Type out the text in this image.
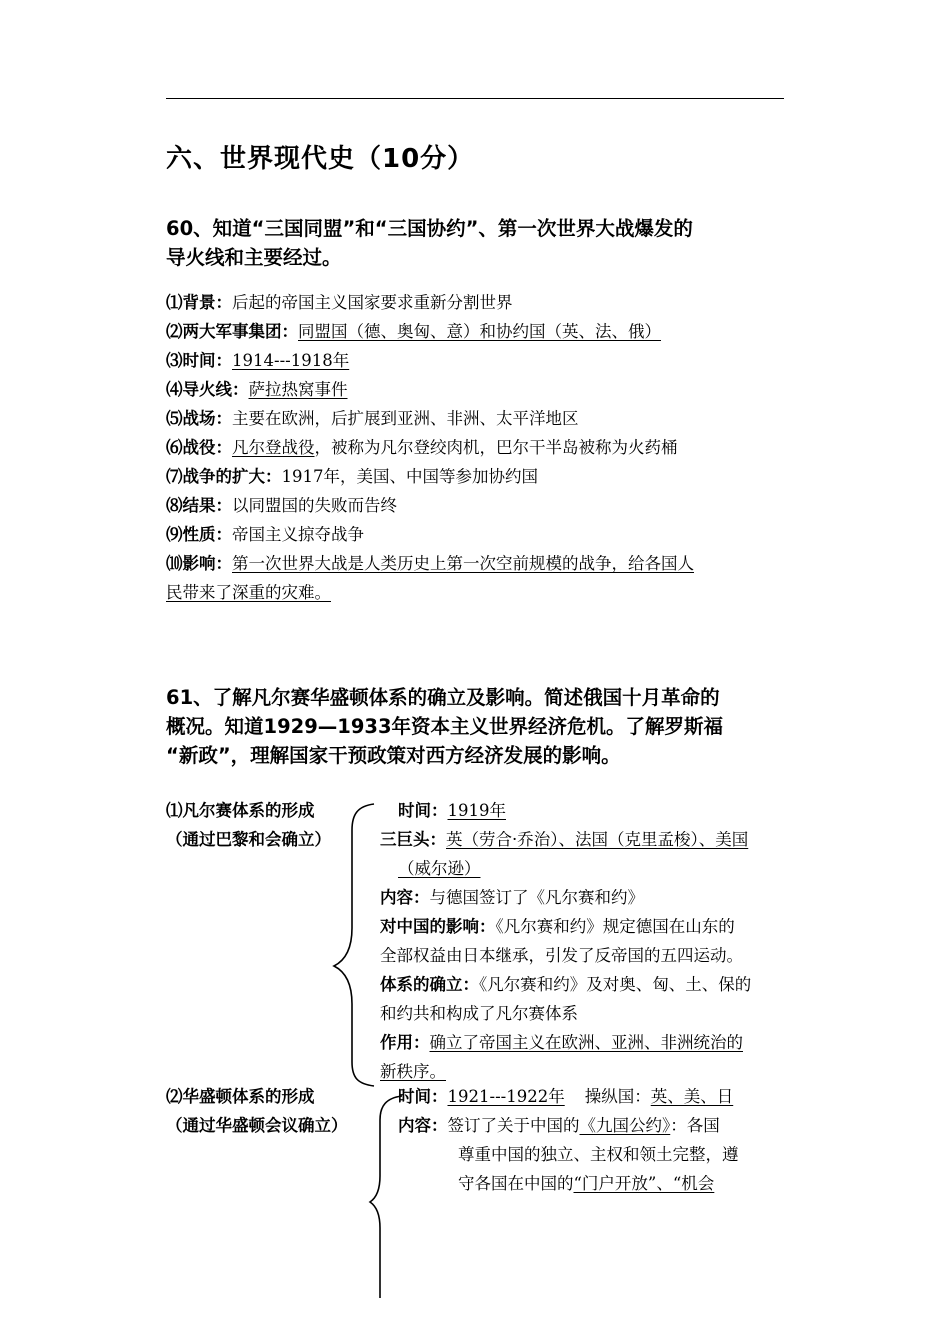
六、世界现代史（10分）
60、知道“三国同盟”和“三国协约”、第一次世界大战爆发的
导火线和主要经过。
⑴背景：后起的帝国主义国家要求重新分割世界
⑵两大军事集团：同盟国（德、奥匈、意）和协约国（英、法、俄）
⑶时间：1914---1918年
⑷导火线：萨拉热窝事件
⑸战场：主要在欧洲，后扩展到亚洲、非洲、太平洋地区
⑹战役：凡尔登战役，被称为凡尔登绞肉机，巴尔干半岛被称为火药桶
⑺战争的扩大：1917年，美国、中国等参加协约国
⑻结果：以同盟国的失败而告终
⑼性质：帝国主义掠夺战争
⑽影响：第一次世界大战是人类历史上第一次空前规模的战争，给各国人
民带来了深重的灾难。
61、了解凡尔赛华盛顿体系的确立及影响。简述俄国十月革命的
概况。知道1929—1933年资本主义世界经济危机。了解罗斯福
“新政”，理解国家干预政策对西方经济发展的影响。
⑴凡尔赛体系的形成
（通过巴黎和会确立）
时间：1919年
三巨头：英（劳合·乔治）、法国（克里孟梭）、美国
（威尔逊）
内容：与德国签订了《凡尔赛和约》
对中国的影响：《凡尔赛和约》规定德国在山东的
全部权益由日本继承，引发了反帝国的五四运动。
体系的确立：《凡尔赛和约》及对奥、匈、土、保的
和约共和构成了凡尔赛体系
作用：确立了帝国主义在欧洲、亚洲、非洲统治的
新秩序。
⑵华盛顿体系的形成
（通过华盛顿会议确立）
时间：1921---1922年 操纵国：英、美、日
内容：签订了关于中国的《九国公约》：各国
尊重中国的独立、主权和领土完整，遵
守各国在中国的“门户开放”、“机会
